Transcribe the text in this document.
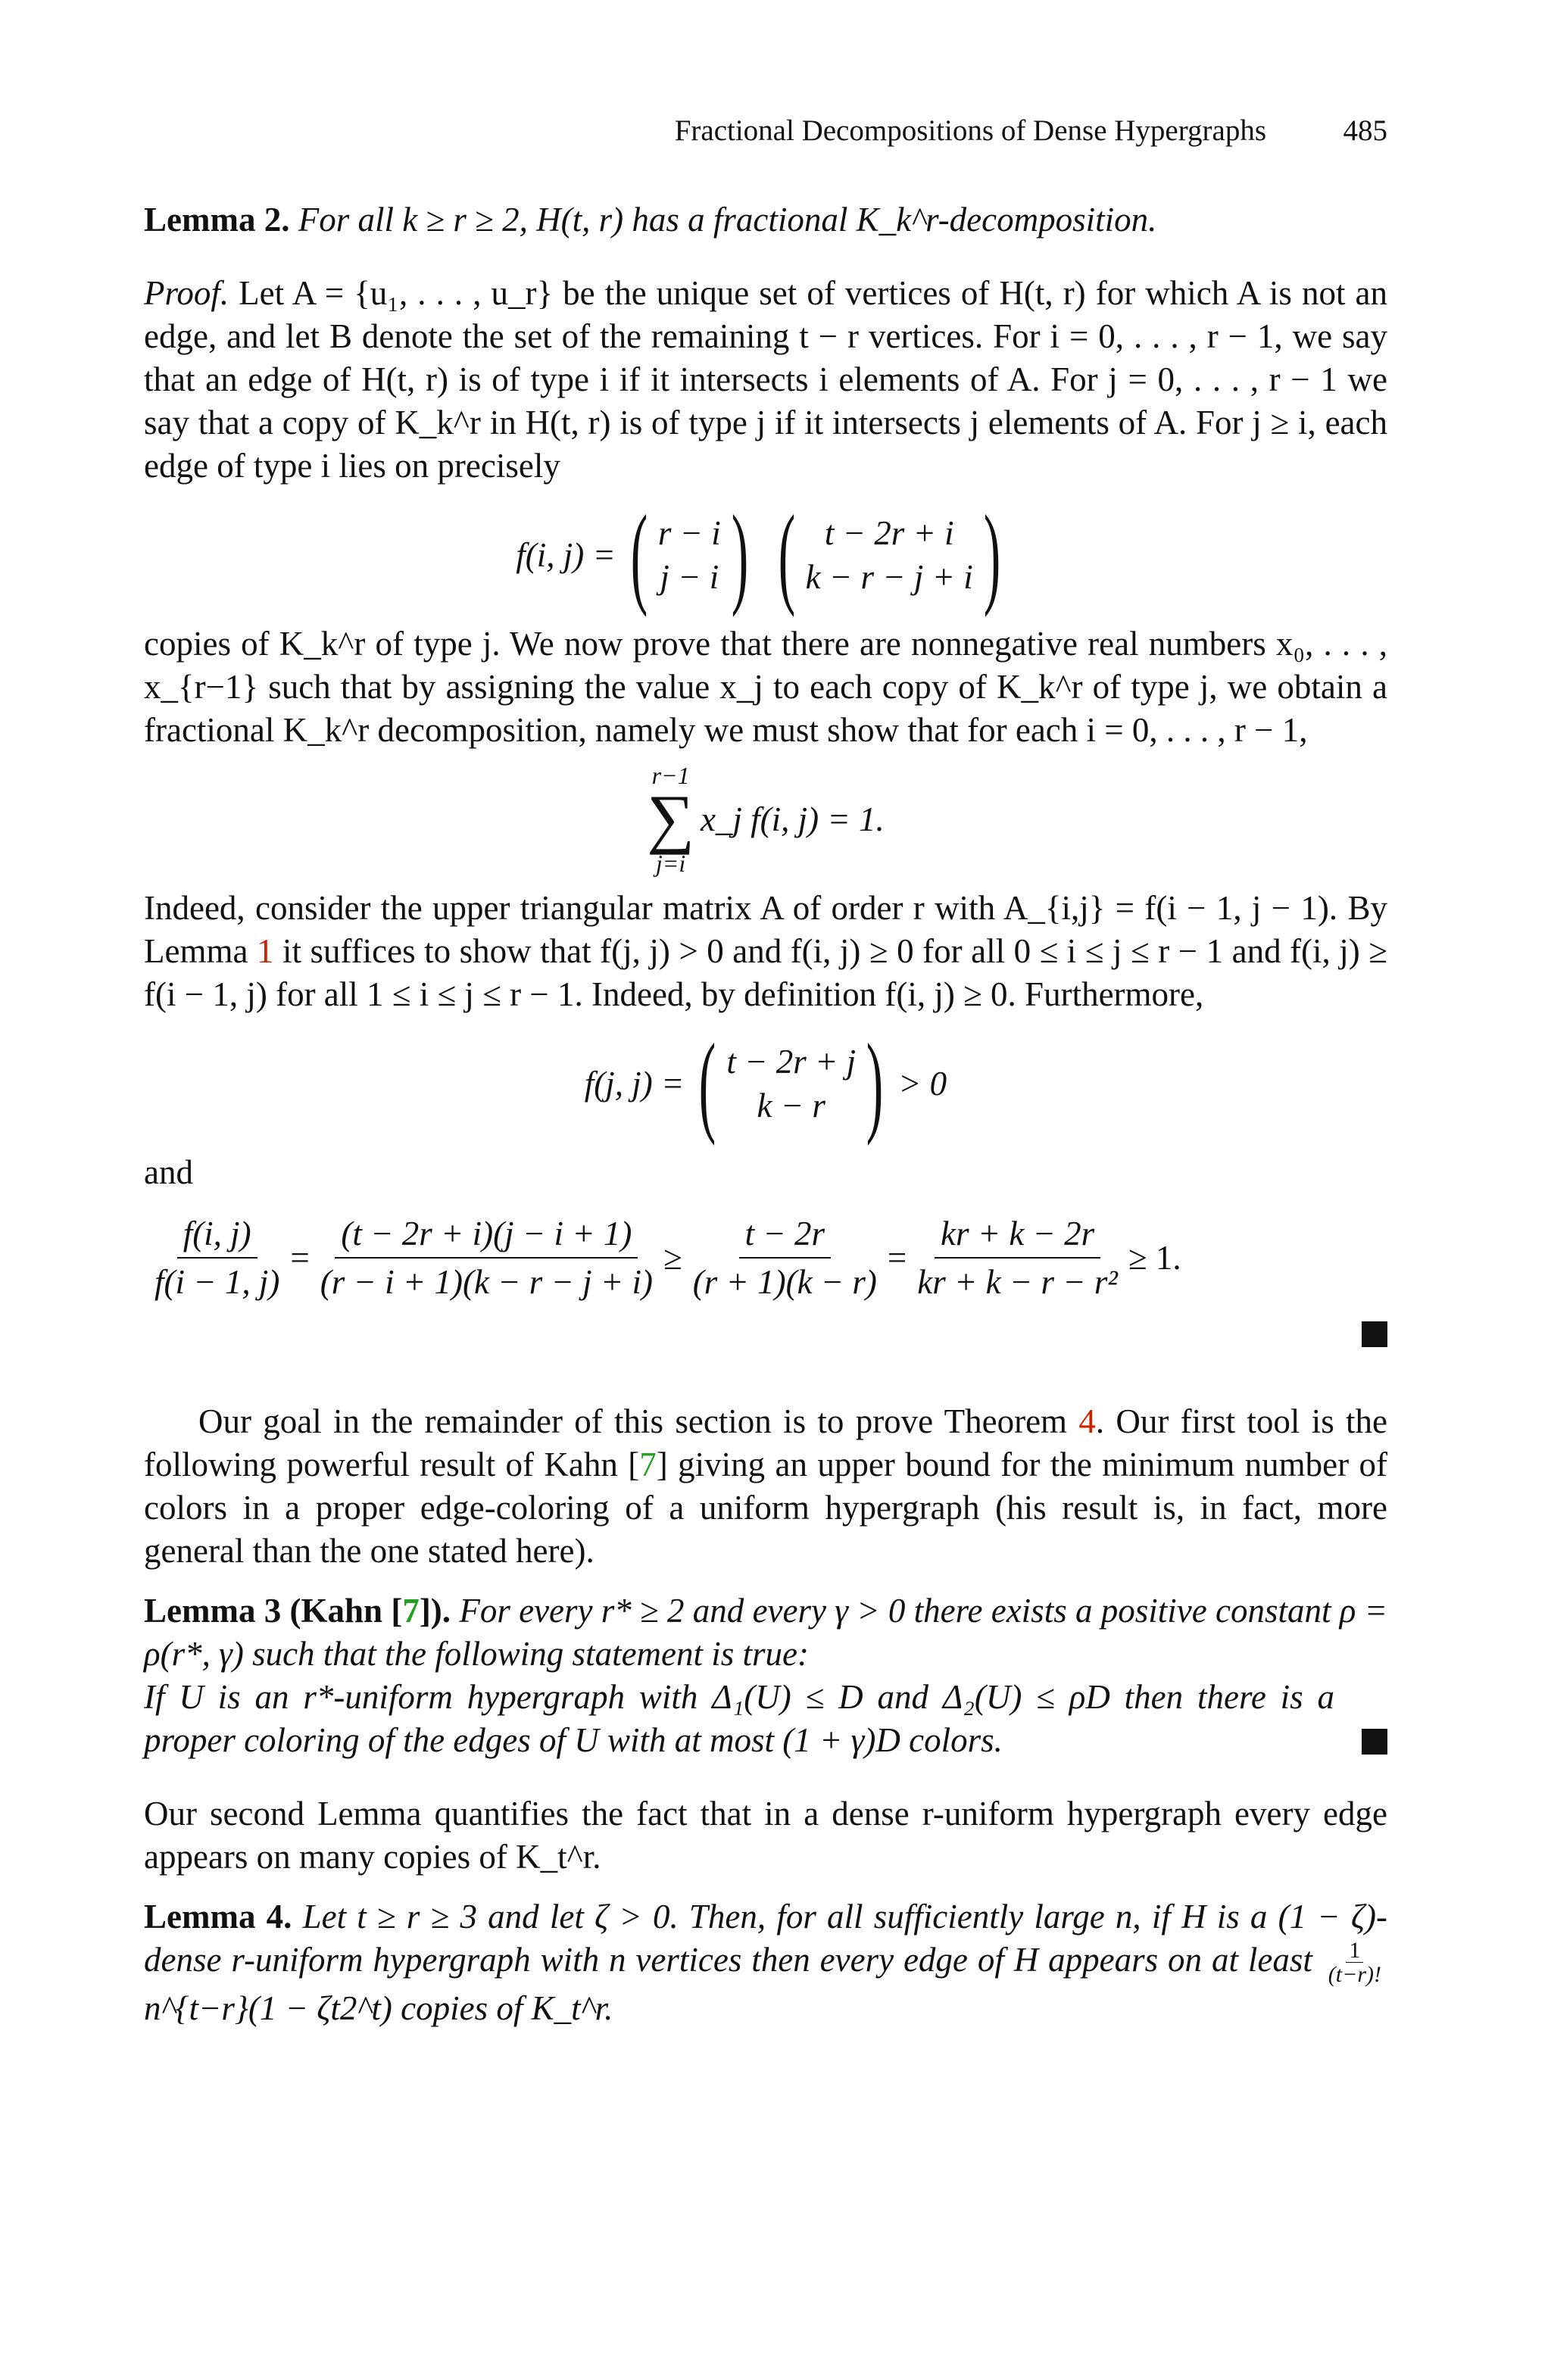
Fractional Decompositions of Dense Hypergraphs	485

Lemma 2. For all k ≥ r ≥ 2, H(t, r) has a fractional K_k^r-decomposition.

Proof. Let A = {u₁, . . . , u_r} be the unique set of vertices of H(t, r) for which A is not an edge, and let B denote the set of the remaining t − r vertices. For i = 0, . . . , r − 1, we say that an edge of H(t, r) is of type i if it intersects i elements of A. For j = 0, . . . , r − 1 we say that a copy of K_k^r in H(t, r) is of type j if it intersects j elements of A. For j ≥ i, each edge of type i lies on precisely

f(i, j) = ( r − i
j − i ) ( t − 2r + i
k − r − j + i )

copies of K_k^r of type j. We now prove that there are nonnegative real numbers x₀, . . . , x_{r−1} such that by assigning the value x_j to each copy of K_k^r of type j, we obtain a fractional K_k^r decomposition, namely we must show that for each i = 0, . . . , r − 1,

r−1
∑
j=i
x_j f(i, j) = 1.

Indeed, consider the upper triangular matrix A of order r with A_{i,j} = f(i − 1, j − 1). By Lemma 1 it suffices to show that f(j, j) > 0 and f(i, j) ≥ 0 for all 0 ≤ i ≤ j ≤ r − 1 and f(i, j) ≥ f(i − 1, j) for all 1 ≤ i ≤ j ≤ r − 1. Indeed, by definition f(i, j) ≥ 0. Furthermore,

f(j, j) = ( t − 2r + j
k − r ) > 0

and

$\frac{f(i, j)}{f(i - 1, j)} = \frac{(t - 2r + i)(j - i + 1)}{(r - i + 1)(k - r - j + i)} \ge \frac{t - 2r}{(r + 1)(k - r)} = \frac{kr + k - 2r}{\text{kr + k − r − r²}} \ge 1$.

Our goal in the remainder of this section is to prove Theorem 4. Our first tool is the following powerful result of Kahn [7] giving an upper bound for the minimum number of colors in a proper edge-coloring of a uniform hypergraph (his result is, in fact, more general than the one stated here).

Lemma 3 (Kahn [7]). For every r* ≥ 2 and every γ > 0 there exists a positive constant ρ = ρ(r*, γ) such that the following statement is true:

If U is an r*-uniform hypergraph with Δ₁(U) ≤ D and Δ₂(U) ≤ ρD then there is a proper coloring of the edges of U with at most (1 + γ)D colors.

Our second Lemma quantifies the fact that in a dense r-uniform hypergraph every edge appears on many copies of K_t^r.

Lemma 4. Let t ≥ r ≥ 3 and let ζ > 0. Then, for all sufficiently large n, if H is a (1 − ζ)-dense r-uniform hypergraph with n vertices then every edge of H appears on at least $\frac{1}{(t-r)!}$
n^{t−r}(1 − ζt2^t) copies of K_t^r.
